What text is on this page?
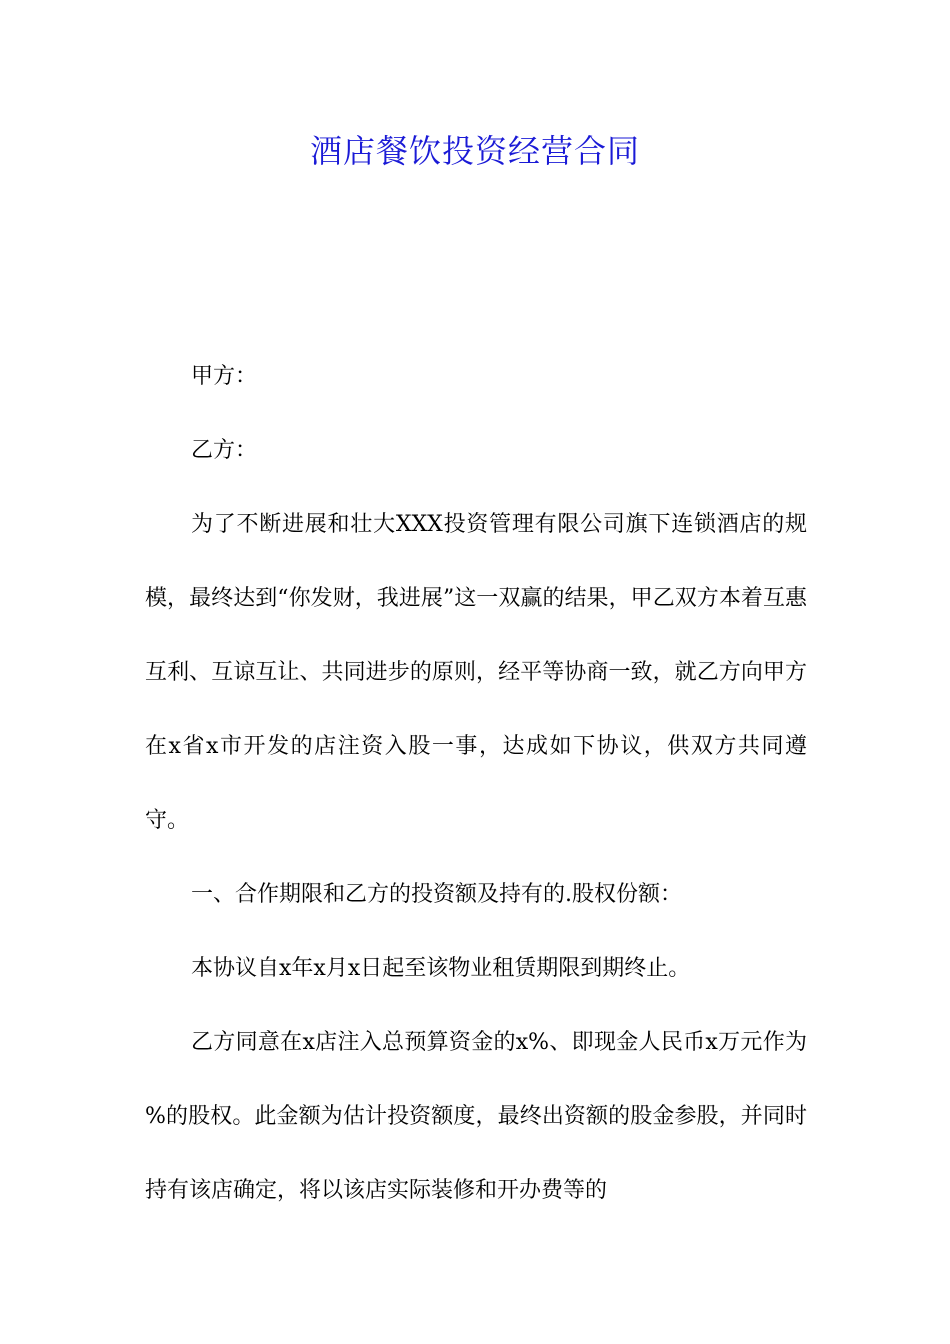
酒店餐饮投资经营合同

甲方：

乙方：

为了不断进展和壮大XXX投资管理有限公司旗下连锁酒店的规模，最终达到“你发财，我进展”这一双赢的结果，甲乙双方本着互惠互利、互谅互让、共同进步的原则，经平等协商一致，就乙方向甲方在x省x市开发的店注资入股一事，达成如下协议，供双方共同遵守。

一、合作期限和乙方的投资额及持有的.股权份额：

本协议自x年x月x日起至该物业租赁期限到期终止。

乙方同意在x店注入总预算资金的x%、即现金人民币x万元作为 %的股权。此金额为估计投资额度，最终出资额的股金参股，并同时持有该店确定，将以该店实际装修和开办费等的
